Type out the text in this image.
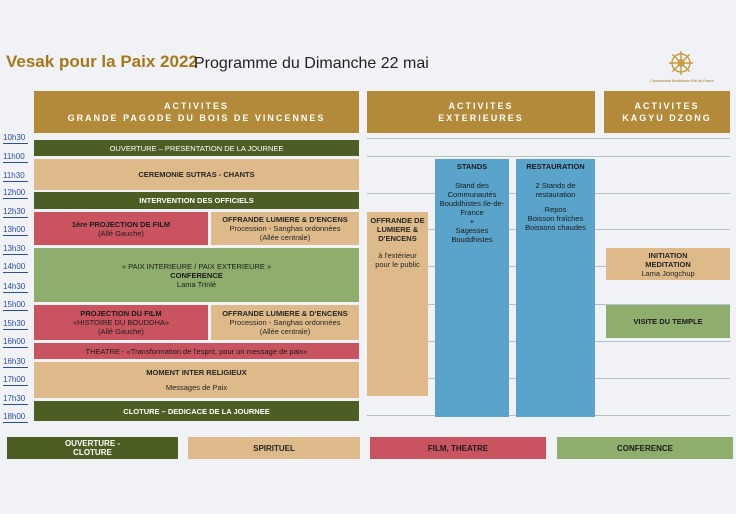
Vesak pour la Paix 2022
Programme du Dimanche 22 mai
Communauté Bouddhiste d'Ile-de-France
ACTIVITES
GRANDE PAGODE DU BOIS DE VINCENNES
ACTIVITES
EXTERIEURES
ACTIVITES
KAGYU DZONG
10h30
11h00
11h30
12h00
12h30
13h00
13h30
14h00
14h30
15h00
15h30
16h00
16h30
17h00
17h30
18h00
OUVERTURE – PRESENTATION DE LA JOURNEE
CEREMONIE SUTRAS - CHANTS
INTERVENTION DES OFFICIELS
1ère PROJECTION DE FILM
(Allé Gauche)
OFFRANDE LUMIERE & D'ENCENS
Procession - Sanghas ordonnées
(Allée centrale)
« PAIX INTERIEURE / PAIX EXTERIEURE »
CONFERENCE
Lama Trinlé
PROJECTION DU FILM
«HISTOIRE DU BOUDDHA»
(Allé Gauche)
OFFRANDE LUMIERE & D'ENCENS
Procession - Sanghas ordonnées
(Allée centrale)
THEATRE - «Transformation de l'esprit, pour un message de paix»
MOMENT INTER RELIGIEUX
Messages de Paix
CLOTURE – DEDICACE DE LA JOURNEE
OFFRANDE DE LUMIERE & D'ENCENS
à l'extérieur pour le public
STANDS
Stand des Communautés Bouddhistes Ile-de-France
+
Sagesses Bouddhistes
RESTAURATION
2 Stands de restauration
Repos
Boisson fraîches
Boissons chaudes
INITIATION MEDITATION
Lama Jongchup
VISITE DU TEMPLE
OUVERTURE - CLOTURE	SPIRITUEL	FILM, THEATRE	CONFERENCE
